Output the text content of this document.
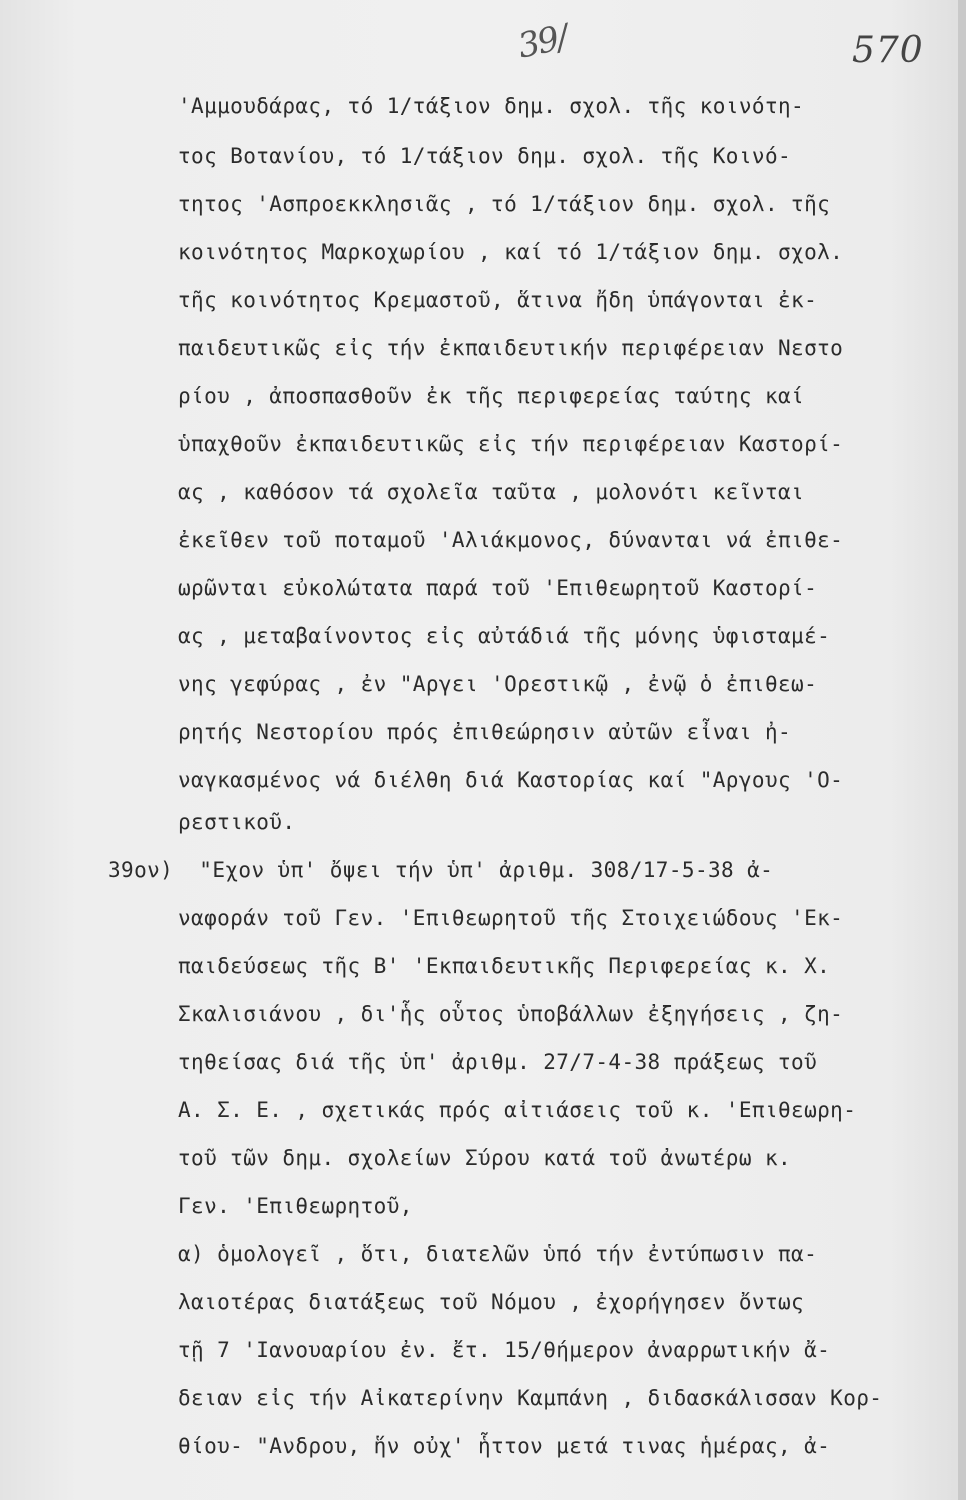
39/	570
'Αμμουδάρας, τό 1/τάξιον δημ. σχολ. τῆς κοινότη-
τος Βοτανίου, τό 1/τάξιον δημ. σχολ. τῆς Κοινό-
τητος 'Ασπροεκκλησιᾶς , τό 1/τάξιον δημ. σχολ. τῆς
κοινότητος Μαρκοχωρίου , καί τό 1/τάξιον δημ. σχολ.
τῆς κοινότητος Κρεμαστοῦ, ἅτινα ἤδη ὑπάγονται ἐκ-
παιδευτικῶς εἰς τήν ἐκπαιδευτικήν περιφέρειαν Νεστο
ρίου , ἀποσπασθοῦν ἐκ τῆς περιφερείας ταύτης καί
ὑπαχθοῦν ἐκπαιδευτικῶς εἰς τήν περιφέρειαν Καστορί-
ας , καθόσον τά σχολεῖα ταῦτα , μολονότι κεῖνται
ἐκεῖθεν τοῦ ποταμοῦ 'Αλιάκμονος, δύνανται νά ἐπιθε-
ωρῶνται εὐκολώτατα παρά τοῦ 'Επιθεωρητοῦ Καστορί-
ας , μεταβαίνοντος εἰς αὐτάδιά τῆς μόνης ὑφισταμέ-
νης γεφύρας , ἐν "Αργει 'Ορεστικῷ , ἐνῷ ὁ ἐπιθεω-
ρητής Νεστορίου πρός ἐπιθεώρησιν αὐτῶν εἶναι ἠ-
ναγκασμένος νά διέλθη διά Καστορίας καί "Αργους 'Ο-
ρεστικοῦ.
39ον)  "Εχον ὑπ' ὄψει τήν ὑπ' ἀριθμ. 308/17-5-38 ἀ-
ναφοράν τοῦ Γεν. 'Επιθεωρητοῦ τῆς Στοιχειώδους 'Εκ-
παιδεύσεως τῆς Β' 'Εκπαιδευτικῆς Περιφερείας κ. Χ.
Σκαλισιάνου , δι'ἧς οὗτος ὑποβάλλων ἐξηγήσεις , ζη-
τηθείσας διά τῆς ὑπ' ἀριθμ. 27/7-4-38 πράξεως τοῦ
Α. Σ. Ε. , σχετικάς πρός αἰτιάσεις τοῦ κ. 'Επιθεωρη-
τοῦ τῶν δημ. σχολείων Σύρου κατά τοῦ ἀνωτέρω κ.
Γεν. 'Επιθεωρητοῦ,
α) ὁμολογεῖ , ὅτι, διατελῶν ὑπό τήν ἐντύπωσιν πα-
λαιοτέρας διατάξεως τοῦ Νόμου , ἐχορήγησεν ὄντως
τῇ 7 'Ιανουαρίου ἐν. ἔτ. 15/θήμερον ἀναρρωτικήν ἄ-
δειαν εἰς τήν Αἰκατερίνην Καμπάνη , διδασκάλισσαν Κορ-
θίου- "Ανδρου, ἥν οὐχ' ἧττον μετά τινας ἡμέρας, ἀ-
